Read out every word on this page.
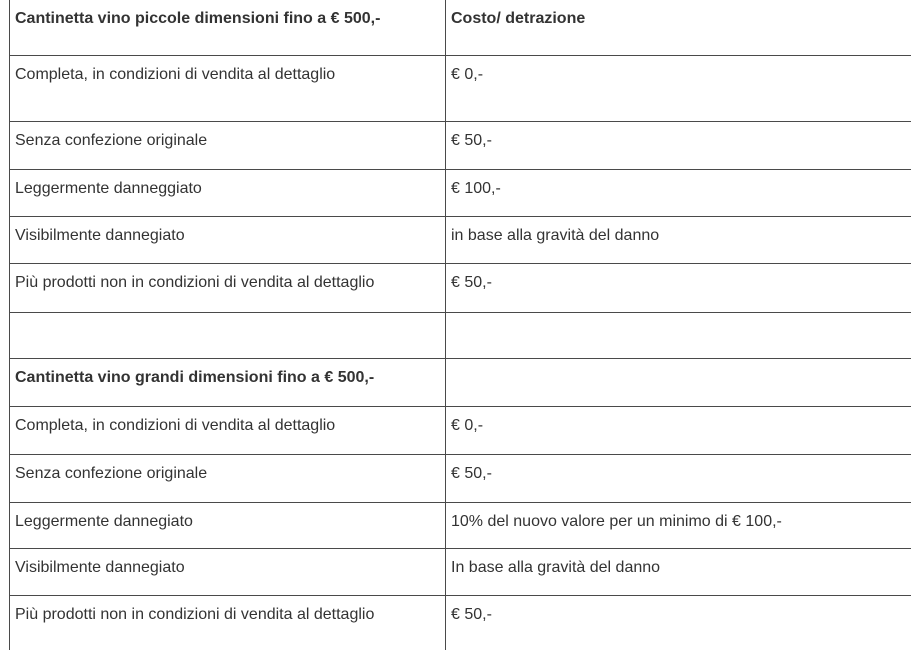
Cantinetta vino piccole dimensioni fino a € 500,-	Costo/ detrazione
Completa, in condizioni di vendita al dettaglio	€ 0,-
Senza confezione originale	€ 50,-
Leggermente danneggiato	€ 100,-
Visibilmente dannegiato	in base alla gravità del danno
Più prodotti non in condizioni di vendita al dettaglio	€ 50,-

Cantinetta vino grandi dimensioni fino a € 500,-	
Completa, in condizioni di vendita al dettaglio	€ 0,-
Senza confezione originale	€ 50,-
Leggermente dannegiato	10% del nuovo valore per un minimo di € 100,-
Visibilmente dannegiato	In base alla gravità del danno
Più prodotti non in condizioni di vendita al dettaglio	€ 50,-
